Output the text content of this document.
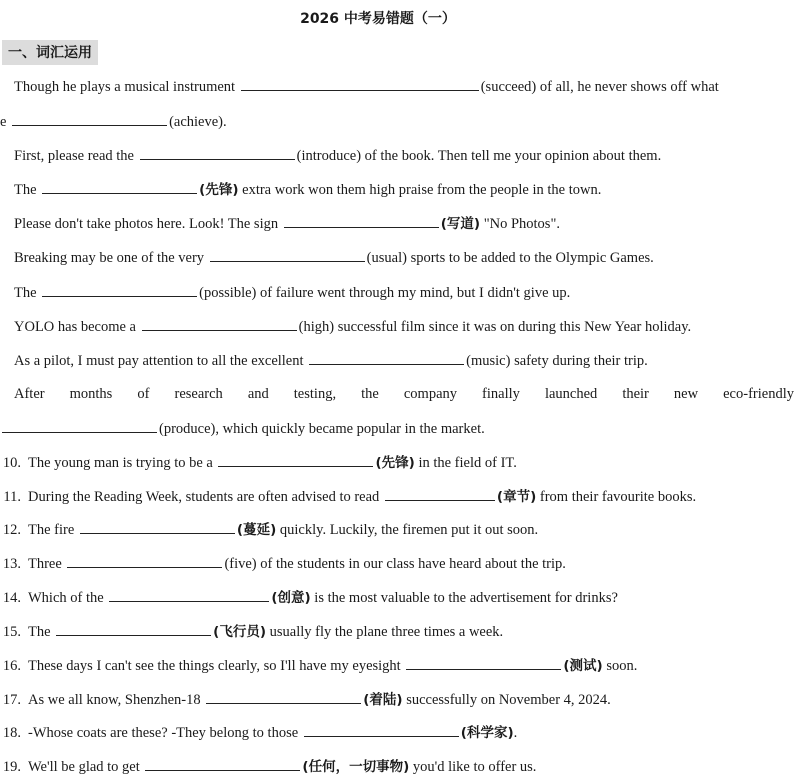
2026 中考易错题（一）
一、词汇运用
Though he plays a musical instrument	(succeed) of all, he never shows off what
e	(achieve).
First, please read the	(introduce) of the book. Then tell me your opinion about them.
The	(先锋) extra work won them high praise from the people in the town.
Please don't take photos here. Look! The sign	(写道) "No Photos".
Breaking may be one of the very	(usual) sports to be added to the Olympic Games.
The	(possible) of failure went through my mind, but I didn't give up.
YOLO has become a	(high) successful film since it was on during this New Year holiday.
As a pilot, I must pay attention to all the excellent	(music) safety during their trip.
After months of research and testing, the company finally launched their new eco-friendly
(produce), which quickly became popular in the market.
10. The young man is trying to be a	(先锋) in the field of IT.
11. During the Reading Week, students are often advised to read	(章节) from their favourite books.
12. The fire	(蔓延) quickly. Luckily, the firemen put it out soon.
13. Three	(five) of the students in our class have heard about the trip.
14. Which of the	(创意) is the most valuable to the advertisement for drinks?
15. The	(飞行员) usually fly the plane three times a week.
16. These days I can't see the things clearly, so I'll have my eyesight	(测试) soon.
17. As we all know, Shenzhen-18	(着陆) successfully on November 4, 2024.
18. -Whose coats are these? -They belong to those	(科学家).
19. We'll be glad to get	(任何，一切事物) you'd like to offer us.
